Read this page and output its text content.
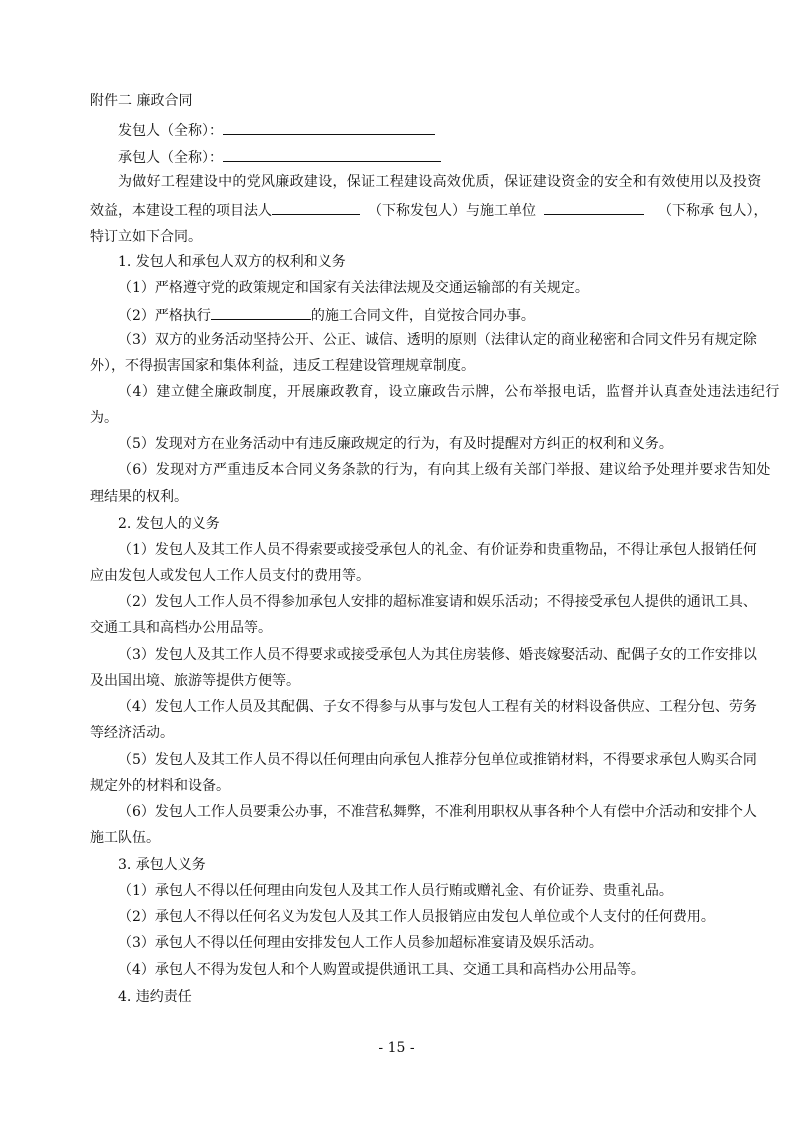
附件二 廉政合同
发包人（全称）：
承包人（全称）：
为做好工程建设中的党风廉政建设，保证工程建设高效优质，保证建设资金的安全和有效使用以及投资
效益，本建设工程的项目法人	（下称发包人）与施工单位	（下称承 包人），
特订立如下合同。
1. 发包人和承包人双方的权利和义务
（1）严格遵守党的政策规定和国家有关法律法规及交通运输部的有关规定。
（2）严格执行	的施工合同文件，自觉按合同办事。
（3）双方的业务活动坚持公开、公正、诚信、透明的原则（法律认定的商业秘密和合同文件另有规定除
外），不得损害国家和集体利益，违反工程建设管理规章制度。
（4）建立健全廉政制度，开展廉政教育，设立廉政告示牌，公布举报电话，监督并认真查处违法违纪行
为。
（5）发现对方在业务活动中有违反廉政规定的行为，有及时提醒对方纠正的权利和义务。
（6）发现对方严重违反本合同义务条款的行为，有向其上级有关部门举报、建议给予处理并要求告知处
理结果的权利。
2. 发包人的义务
（1）发包人及其工作人员不得索要或接受承包人的礼金、有价证券和贵重物品，不得让承包人报销任何
应由发包人或发包人工作人员支付的费用等。
（2）发包人工作人员不得参加承包人安排的超标准宴请和娱乐活动；不得接受承包人提供的通讯工具、
交通工具和高档办公用品等。
（3）发包人及其工作人员不得要求或接受承包人为其住房装修、婚丧嫁娶活动、配偶子女的工作安排以
及出国出境、旅游等提供方便等。
（4）发包人工作人员及其配偶、子女不得参与从事与发包人工程有关的材料设备供应、工程分包、劳务
等经济活动。
（5）发包人及其工作人员不得以任何理由向承包人推荐分包单位或推销材料，不得要求承包人购买合同
规定外的材料和设备。
（6）发包人工作人员要秉公办事，不准营私舞弊，不准利用职权从事各种个人有偿中介活动和安排个人
施工队伍。
3. 承包人义务
（1）承包人不得以任何理由向发包人及其工作人员行贿或赠礼金、有价证券、贵重礼品。
（2）承包人不得以任何名义为发包人及其工作人员报销应由发包人单位或个人支付的任何费用。
（3）承包人不得以任何理由安排发包人工作人员参加超标准宴请及娱乐活动。
（4）承包人不得为发包人和个人购置或提供通讯工具、交通工具和高档办公用品等。
4. 违约责任
- 15 -
